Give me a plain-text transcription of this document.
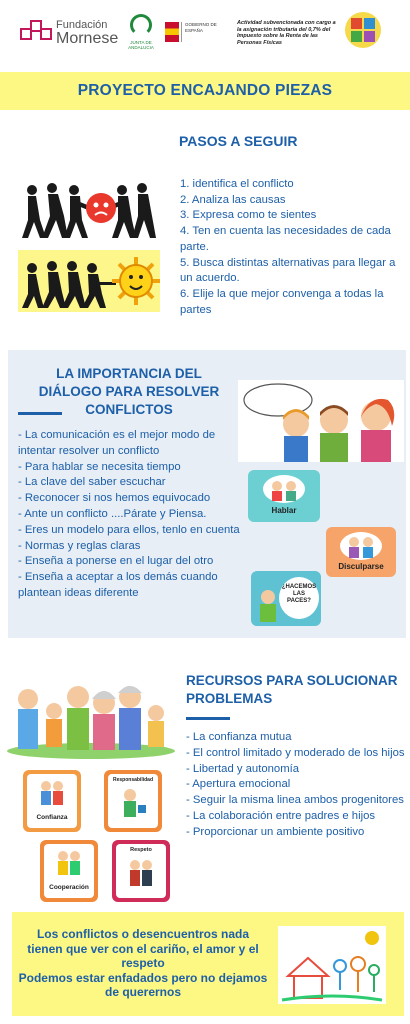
Fundación
Mornese	JUNTA DE ANDALUCIA
GOBIERNO DE ESPAÑA
Actividad subvencionada con cargo a la asignación tributaria del 0,7% del Impuesto sobre la Renta de las Personas Físicas
PROYECTO ENCAJANDO PIEZAS
PASOS A SEGUIR
1. identifica el conflicto
2. Analiza las causas
3. Expresa como te sientes
4. Ten en cuenta las necesidades de cada parte.
5. Busca distintas alternativas para llegar a un acuerdo.
6. Elije la que mejor convenga a todas la partes
LA IMPORTANCIA DEL DIÁLOGO PARA RESOLVER CONFLICTOS
- La comunicación es el mejor modo de intentar resolver un conflicto
- Para hablar se necesita tiempo
- La clave del saber escuchar
- Reconocer si nos hemos equivocado
- Ante un conflicto ....Párate y Piensa.
- Eres un modelo para ellos, tenlo en cuenta
- Normas y reglas claras
- Enseña a ponerse en el lugar del otro
- Enseña a aceptar a los demás cuando plantean ideas diferente
Hablar
Disculparse
¿HACEMOS LAS PACES?
RECURSOS PARA SOLUCIONAR PROBLEMAS
- La confianza mutua
- El control limitado y moderado de los hijos
- Libertad y autonomía
- Apertura emocional
- Seguir la misma linea ambos progenitores
- La colaboración entre padres e hijos
- Proporcionar un ambiente positivo
Confianza
Responsabilidad
Cooperación
Respeto
Los conflictos o desencuentros nada tienen que ver con el cariño, el amor y el respeto
Podemos estar enfadados pero no dejamos de querernos
